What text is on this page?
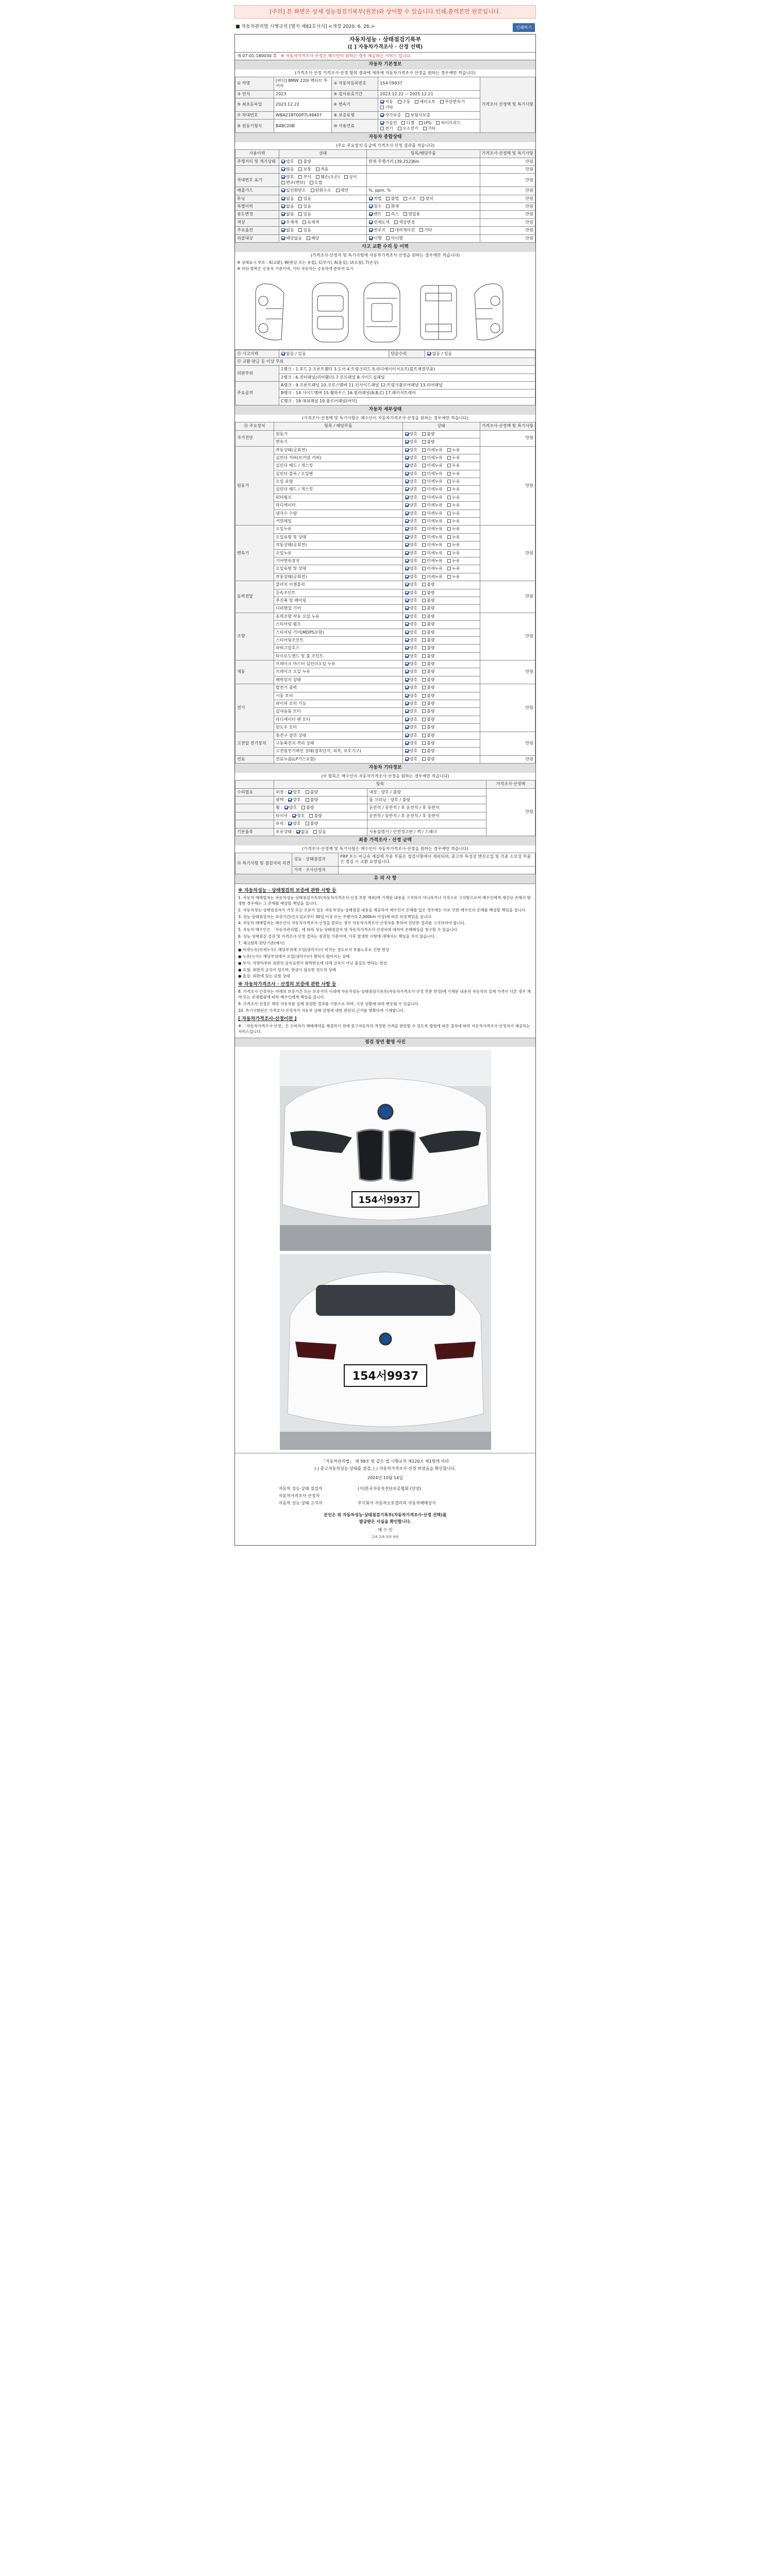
[주의] 본 화면은 상세 성능점검기록부(원본)와 상이할 수 있습니다.인쇄,출력본만 원본입니다.
■ 자동차관리법 시행규칙 [별지 제82호서식] <개정 2020. 6. 26.>	인쇄하기
자동차성능 · 상태점검기록부
([ ] 자동차가격조사 · 산정 선택)
제 07-01-180030 호 ※ 자동차가격조사·산정은 매수인이 원하는 경우 제공하는 서비스 입니다.
자동차 기본정보
(가격조사 산정 가격조사·산정 항목 결과에 제목에 자동차가격조사 산정을 원하는 경우에만 적습니다)
① 차명	[바디] BMW 220i 액티브 투어러	② 자동차등록번호	154서9937	가격조사 산정액 및 특기사항
③ 연식	2023	④ 검사유효기간	2023.12.22 ~ 2025.12.21	
⑤ 최초등록일	2023.12.22	⑥ 변속기	자동 수동 세미오토 무단변속기기타	
⑦ 차대번호	WBA21BT00P7L49407	⑧ 보증유형	자가보증 보험사보증	
⑨ 원동기형식	B48C20B	⑩ 사용연료	가솔린 디젤 LPG 하이브리드전기 수소전기 기타	
자동차 종합상태
(주요 주요장치 등급에 가격조사·산정 결과를 적습니다)
사용이력	상태	항목/해당부품	가격조사·산정액 및 특기사항
주행거리 및 계기상태	양호 불량	현재 주행거리 [39,252]Km	만원
	많음 보통 적음		만원
차대번호 표기	양호 부식 훼손(오손) 상이변조(변타) 도말		만원
배출가스	일산화탄소 탄화수소 매연	%, ppm, %	만원
튜닝	없음 있음	적법 불법 구조 장치	만원
특별이력	없음 있음	침수 화재	만원
용도변경	없음 있음	렌트 리스 영업용	만원
색상	무채색 유채색	전체도색 색상변경	만원
주요옵션	없음 있음	썬루프 네비게이션 기타	만원
리콜대상	해당없음 해당	이행 미이행	만원
사고 교환 수리 등 이력
(가격조사·산정자 및 특기사항에 자동차가격조사·산정을 원하는 경우에만 적습니다)
※ 상태표시 부호 : X(교환), W(판금 또는 용접), C(부식), A(흠집), U(요철), T(손상)
※ 하단 항목은 승용차 기준이며, 기타 자동차는 승용차에 준하여 표시
⑪ 사고이력	없음 / 있음	단순수리	없음 / 있음
⑫ 교환·판금 등 이상 부위			
외판부위	1랭크 : 1.후드 2.프론트휀더 3.도어 4.트렁크리드 5.라디에이터서포트(볼트체결부품)		
	2랭크 : 6.쿼터패널(리어휀더) 7.루프패널 8.사이드실패널		
주요골격	A랭크 : 9.프론트패널 10.크로스멤버 11.인사이드패널 12.트렁크플로어패널 13.리어패널		
	B랭크 : 14.사이드멤버 15.휠하우스 16.필러패널(A,B,C) 17.패키지트레이		
	C랭크 : 18.대쉬패널 19.플로어패널(바닥)		
자동차 세부상태
(가격조사·산정액 및 특기사항은 매수인이 자동차가격조사·산정을 원하는 경우에만 적습니다)
⑬ 주요장치	항목 / 해당부품	상태	가격조사·산정액 및 특기사항
자기진단	원동기	양호 불량	만원
	변속기	양호 불량	
원동기	작동상태(공회전)	양호 미세누유 누유	만원
	실린더 커버(로커암 커버)	양호 미세누유 누유	
	실린더 헤드 / 개스킷	양호 미세누유 누유	
	실린더 블록 / 오일팬	양호 미세누유 누유	
	오일 유량	양호 미세누유 누유	
	실린더 헤드 / 개스킷	양호 미세누유 누유	
	워터펌프	양호 미세누유 누유	
	라디에이터	양호 미세누유 누유	
	냉각수 수량	양호 미세누유 누유	
	커먼레일	양호 미세누유 누유	
변속기	오일누유	양호 미세누유 누유	만원
	오일유량 및 상태	양호 미세누유 누유	
	작동상태(공회전)	양호 미세누유 누유	
	오일누유	양호 미세누유 누유	
	기어변속장치	양호 미세누유 누유	
	오일유량 및 상태	양호 미세누유 누유	
	작동상태(공회전)	양호 미세누유 누유	
동력전달	클러치 어셈블리	양호 불량	만원
	등속조인트	양호 불량	
	추진축 및 베어링	양호 불량	
	디퍼렌셜 기어	양호 불량	
조향	동력조향 작동 오일 누유	양호 불량	만원
	스티어링 펌프	양호 불량	
	스티어링 기어(MDPS포함)	양호 불량	
	스티어링조인트	양호 불량	
	파워고압호스	양호 불량	
	타이로드엔드 및 볼 조인트	양호 불량	
제동	브레이크 마스터 실린더오일 누유	양호 불량	만원
	브레이크 오일 누유	양호 불량	
	배력장치 상태	양호 불량	
전기	발전기 출력	양호 불량	만원
	시동 모터	양호 불량	
	와이퍼 모터 기능	양호 불량	
	실내송풍 모터	양호 불량	
	라디에이터 팬 모터	양호 불량	
	윈도우 모터	양호 불량	
고전압 전기장치	충전구 절연 상태	양호 불량	만원
	구동축전지 격리 상태	양호 불량	
	고전원전기배선 상태(접속단자, 피복, 보호기구)	양호 불량	
연료	연료누출(LP가스포함)	양호 불량	만원
자동차 기타정보
(이 항목은 매수인이 자동차가격조사·산정을 원하는 경우에만 적습니다)
	항목		가격조사·산정액
수리필요	외장 : 양호 불량	내장 : 양호 / 불량	만원
	광택 : 양호 불량	룸 크리닝 : 양호 / 불량	
	휠 : 양호 불량	운전석 / 동반석 / 후 운전석 / 후 동반석	
	타이어 : 양호 불량	운전석 / 동반석 / 후 운전석 / 후 동반석	
	유리 : 양호 불량		
기본품목	보유상태 : 없음 있음	사용설명서 / 안전경고판 / 잭 / 스패너	
최종 가격조사 · 산정 금액
(가격조사·산정액 및 특기사항은 매수인이 자동차가격조사·산정을 원하는 경우에만 적습니다)
⑭ 특기사항 및 점검자의 의견	성능 · 상태점검자	FRP 또는 비금속 재질에 각종 부품은 점검사항에서 제외되며, 중고차 특성상 엔진오일 및 각종 소모성 부품은 점검 시 교환 요망됩니다.
	가격 · 조사산정자	
유 의 사 항
※ 자동차성능 · 상태점검의 보증에 관한 사항 등

1. 자동차 매매업자는 자동차성능·상태점검기록부(자동차가격조사·산정 부분 제외)에 기재된 내용을 고지하지 아니하거나 거짓으로 고지함으로써 매수인에게 재산상 손해가 발생한 경우에는 그 손해를 배상할 책임을 집니다.

2. 자동차성능·상태점검자가 거짓 또는 오류가 있는 자동차성능·상태점검 내용을 제공하여 매수인이 손해를 입은 경우에는 이로 인한 매수인의 손해를 배상할 책임을 집니다.

3. 성능·상태점검자는 보증기간(인도일로부터 30일 이상 또는 주행거리 2,000km 이상)에 따른 보증책임을 집니다.

4. 자동차 매매업자는 매수인이 자동차가격조사·산정을 원하는 경우 자동차가격조사·산정자를 통하여 진단한 결과를 고지하여야 합니다.

5. 자동차 매수인은 「자동차관리법」에 따라 성능·상태점검자 및 자동차가격조사·산정자에 대하여 손해배상을 청구할 수 있습니다.

6. 성능·상태점검 결과 및 가격조사·산정 결과는 점검일 기준이며, 이후 발생한 사항에 대해서는 책임을 지지 않습니다.

7. 체크항목 판단기준(예시)

● 미세누유(미세누수): 해당부위에 오일(냉각수)이 비치는 정도로서 부품노후로 인한 현상

● 누유(누수): 해당부위에서 오일(냉각수)이 맺혀서 떨어지는 상태

● 부식: 차량하부와 외판의 금속표면이 화학반응에 의해 금속이 아닌 물질로 변하는 현상

● 요철: 외판의 굴곡이 있으며, 판금이 필요한 정도의 상태

● 흠집: 외판에 있는 긁힘 상태

※ 자동차가격조사 · 산정의 보증에 관한 사항 등

8. 가격조사·산정자는 아래의 보증기간 또는 보증거리 이내에 자동차성능·상태점검기록부(자동차가격조사·산정 부분 한정)에 기재된 내용과 자동차의 실제 가격이 다른 경우 계약 또는 관계법령에 따라 매수인에게 책임을 집니다.

9. 가격조사·산정은 해당 자동차를 실제 점검한 결과를 기준으로 하며, 시장 상황에 따라 변동될 수 있습니다.

10. 특기사항란은 가격조사·산정자가 자동차 상태 설명에 대한 판단의 근거를 명확하게 기재합니다.

[ 자동차가격조사·산정이란 ]

※ 「자동차가격조사·산정」은 소비자가 매매계약을 체결하기 전에 중고자동차의 적정한 가격을 판단할 수 있도록 법령에 따른 절차에 따라 자동차가격조사·산정자가 제공하는 서비스입니다.

점검 장면 촬영 사진
154서9937
154서9937

「자동차관리법」 제 58조 및 같은 법 시행규칙 제120조 제1항에 따라

( ) 중고자동차성능·상태를 점검, ( ) 자동차가격조사·산정 하였음을 확인합니다.

2024년 10월 14일

자동차 성능·상태 점검자	(사)한국자동차진단보증협회 (안양)
자동차가격조사·산정자	
자동차 성능·상태 고지자	주식회사 자동차오토갤러리 자동차매매상사

본인은 위 자동차성능·상태점검기록부(자동차가격조사·산정 선택)를

발급받은 사실을 확인합니다.

매 수 인

1/4 2/4 3/4 4/4
